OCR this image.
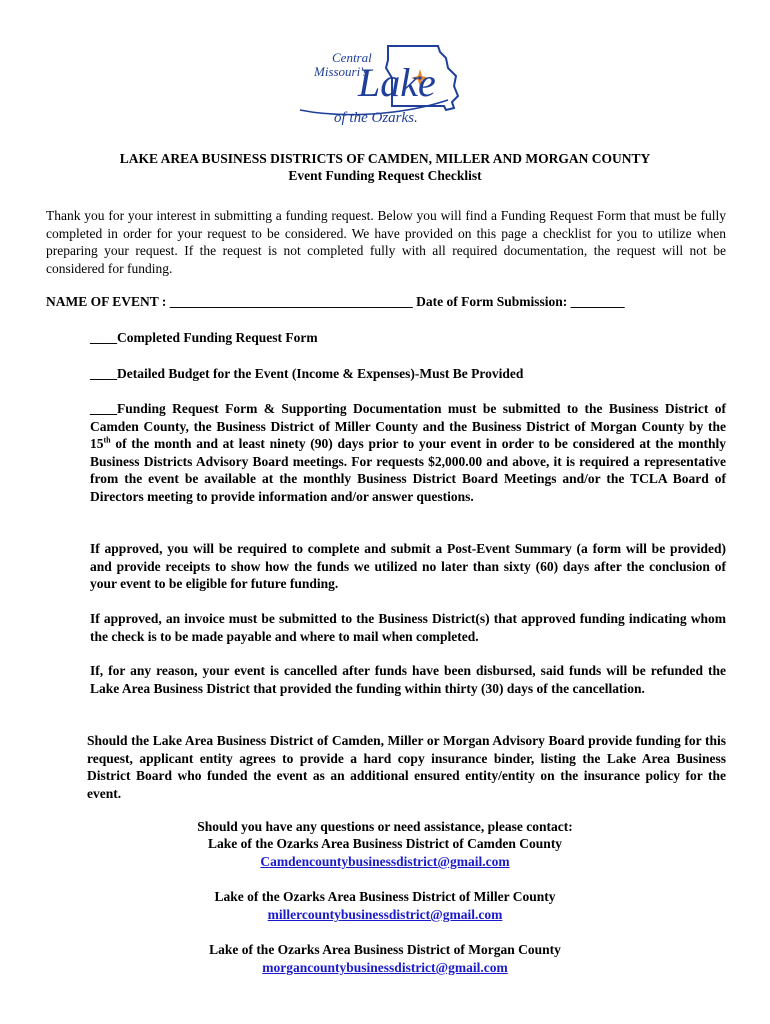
Central
Missouri's
Lake
of the Ozarks.
LAKE AREA BUSINESS DISTRICTS OF CAMDEN, MILLER AND MORGAN COUNTY
Event Funding Request Checklist
Thank you for your interest in submitting a funding request. Below you will find a Funding Request Form that must be fully completed in order for your request to be considered. We have provided on this page a checklist for you to utilize when preparing your request. If the request is not completed fully with all required documentation, the request will not be considered for funding.
NAME OF EVENT : ____________________________________ Date of Form Submission: ________
____Completed Funding Request Form
____Detailed Budget for the Event (Income & Expenses)-Must Be Provided
____Funding Request Form & Supporting Documentation must be submitted to the Business District of Camden County, the Business District of Miller County and the Business District of Morgan County by the 15th of the month and at least ninety (90) days prior to your event in order to be considered at the monthly Business Districts Advisory Board meetings. For requests $2,000.00 and above, it is required a representative from the event be available at the monthly Business District Board Meetings and/or the TCLA Board of Directors meeting to provide information and/or answer questions.
If approved, you will be required to complete and submit a Post-Event Summary (a form will be provided) and provide receipts to show how the funds we utilized no later than sixty (60) days after the conclusion of your event to be eligible for future funding.
If approved, an invoice must be submitted to the Business District(s) that approved funding indicating whom the check is to be made payable and where to mail when completed.
If, for any reason, your event is cancelled after funds have been disbursed, said funds will be refunded the Lake Area Business District that provided the funding within thirty (30) days of the cancellation.
Should the Lake Area Business District of Camden, Miller or Morgan Advisory Board provide funding for this request, applicant entity agrees to provide a hard copy insurance binder, listing the Lake Area Business District Board who funded the event as an additional ensured entity/entity on the insurance policy for the event.
Should you have any questions or need assistance, please contact:
Lake of the Ozarks Area Business District of Camden County
Camdencountybusinessdistrict@gmail.com
Lake of the Ozarks Area Business District of Miller County
millercountybusinessdistrict@gmail.com
Lake of the Ozarks Area Business District of Morgan County
morgancountybusinessdistrict@gmail.com
